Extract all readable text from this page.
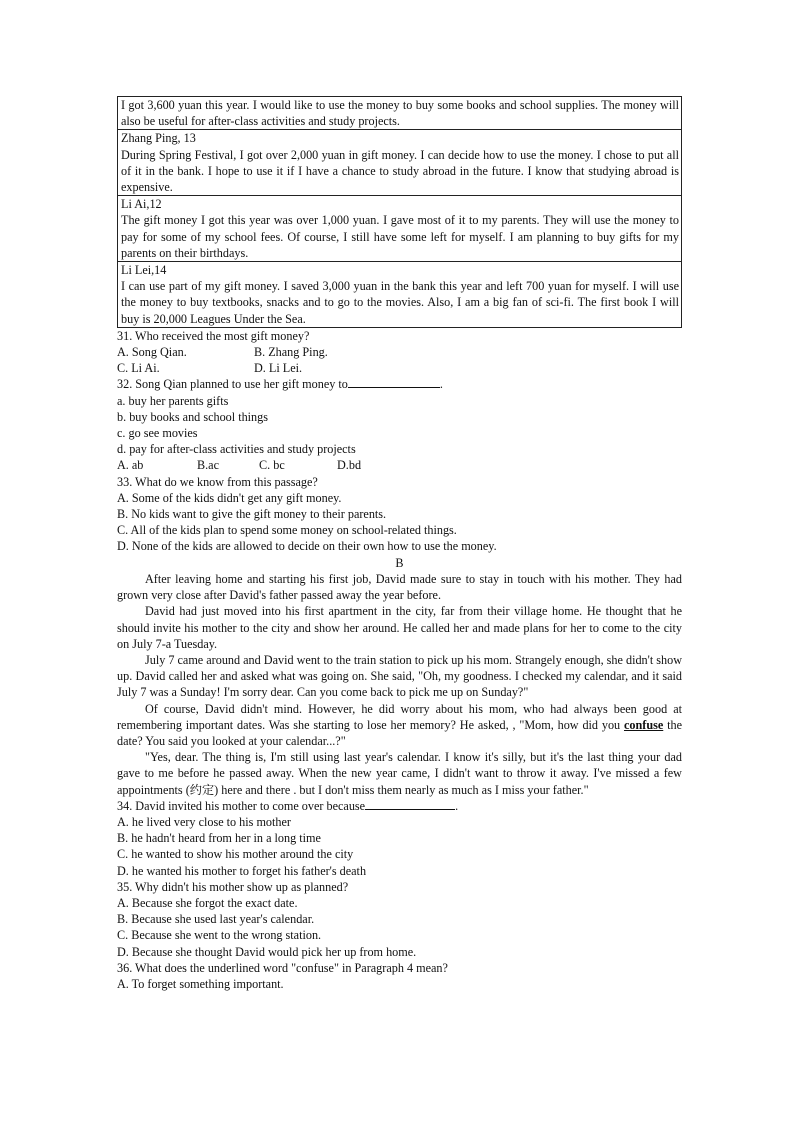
I got 3,600 yuan this year. I would like to use the money to buy some books and school supplies. The money will also be useful for after-class activities and study projects.

Zhang Ping, 13
During Spring Festival, I got over 2,000 yuan in gift money. I can decide how to use the money. I chose to put all of it in the bank. I hope to use it if I have a chance to study abroad in the future. I know that studying abroad is expensive.

Li Ai,12
The gift money I got this year was over 1,000 yuan. I gave most of it to my parents. They will use the money to pay for some of my school fees. Of course, I still have some left for myself. I am planning to buy gifts for my parents on their birthdays.

Li Lei,14
I can use part of my gift money. I saved 3,000 yuan in the bank this year and left 700 yuan for myself. I will use the money to buy textbooks, snacks and to go to the movies. Also, I am a big fan of sci-fi. The first book I will buy is 20,000 Leagues Under the Sea.
31. Who received the most gift money?
A. Song Qian.	B. Zhang Ping.
C. Li Ai.	D. Li Lei.
32. Song Qian planned to use her gift money to	.
a. buy her parents gifts
b. buy books and school things
c. go see movies
d. pay for after-class activities and study projects
A. ab	B.ac	C. bc	D.bd
33. What do we know from this passage?
A. Some of the kids didn't get any gift money.
B. No kids want to give the gift money to their parents.
C. All of the kids plan to spend some money on school-related things.
D. None of the kids are allowed to decide on their own how to use the money.
B

After leaving home and starting his first job, David made sure to stay in touch with his mother. They had grown very close after David's father passed away the year before.

David had just moved into his first apartment in the city, far from their village home. He thought that he should invite his mother to the city and show her around. He called her and made plans for her to come to the city on July 7-a Tuesday.

July 7 came around and David went to the train station to pick up his mom. Strangely enough, she didn't show up. David called her and asked what was going on. She said, "Oh, my goodness. I checked my calendar, and it said July 7 was a Sunday! I'm sorry dear. Can you come back to pick me up on Sunday?"

Of course, David didn't mind. However, he did worry about his mom, who had always been good at remembering important dates. Was she starting to lose her memory? He asked, , "Mom, how did you confuse the date? You said you looked at your calendar...?"

"Yes, dear. The thing is, I'm still using last year's calendar. I know it's silly, but it's the last thing your dad gave to me before he passed away. When the new year came, I didn't want to throw it away. I've missed a few appointments (约定) here and there . but I don't miss them nearly as much as I miss your father."

34. David invited his mother to come over because	.
A. he lived very close to his mother
B. he hadn't heard from her in a long time
C. he wanted to show his mother around the city
D. he wanted his mother to forget his father's death
35. Why didn't his mother show up as planned?
A. Because she forgot the exact date.
B. Because she used last year's calendar.
C. Because she went to the wrong station.
D. Because she thought David would pick her up from home.
36. What does the underlined word "confuse" in Paragraph 4 mean?
A. To forget something important.
